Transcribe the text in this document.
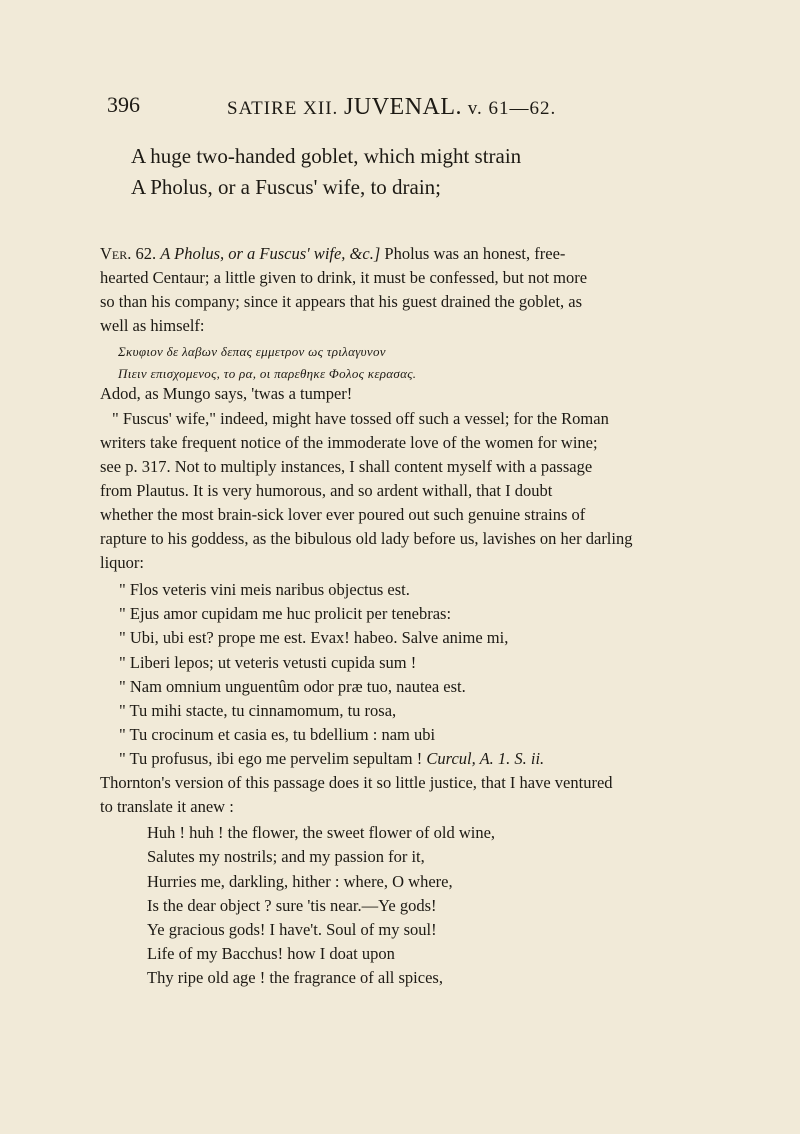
396	SATIRE XII. JUVENAL. v. 61—62.
A huge two-handed goblet, which might strain
A Pholus, or a Fuscus' wife, to drain;
Ver. 62. A Pholus, or a Fuscus' wife, &c.] Pholus was an honest, free-
hearted Centaur; a little given to drink, it must be confessed, but not more
so than his company; since it appears that his guest drained the goblet, as
well as himself:
Σκυφιον δε λαβων δεπας εμμετρον ως τριλαγυνον
Πιειν επισχομενος, το ρα, οι παρεθηκε Φολος κερασας.
Adod, as Mungo says, 'twas a tumper!
" Fuscus' wife," indeed, might have tossed off such a vessel; for the Roman
writers take frequent notice of the immoderate love of the women for wine;
see p. 317. Not to multiply instances, I shall content myself with a passage
from Plautus. It is very humorous, and so ardent withall, that I doubt
whether the most brain-sick lover ever poured out such genuine strains of
rapture to his goddess, as the bibulous old lady before us, lavishes on her darling
liquor:
" Flos veteris vini meis naribus objectus est.
" Ejus amor cupidam me huc prolicit per tenebras:
" Ubi, ubi est? prope me est. Evax! habeo. Salve anime mi,
" Liberi lepos; ut veteris vetusti cupida sum !
" Nam omnium unguentûm odor præ tuo, nautea est.
" Tu mihi stacte, tu cinnamomum, tu rosa,
" Tu crocinum et casia es, tu bdellium : nam ubi
" Tu profusus, ibi ego me pervelim sepultam ! Curcul, A. 1. S. ii.
Thornton's version of this passage does it so little justice, that I have ventured
to translate it anew :
Huh ! huh ! the flower, the sweet flower of old wine,
Salutes my nostrils; and my passion for it,
Hurries me, darkling, hither : where, O where,
Is the dear object ? sure 'tis near.—Ye gods!
Ye gracious gods! I have't. Soul of my soul!
Life of my Bacchus! how I doat upon
Thy ripe old age ! the fragrance of all spices,
